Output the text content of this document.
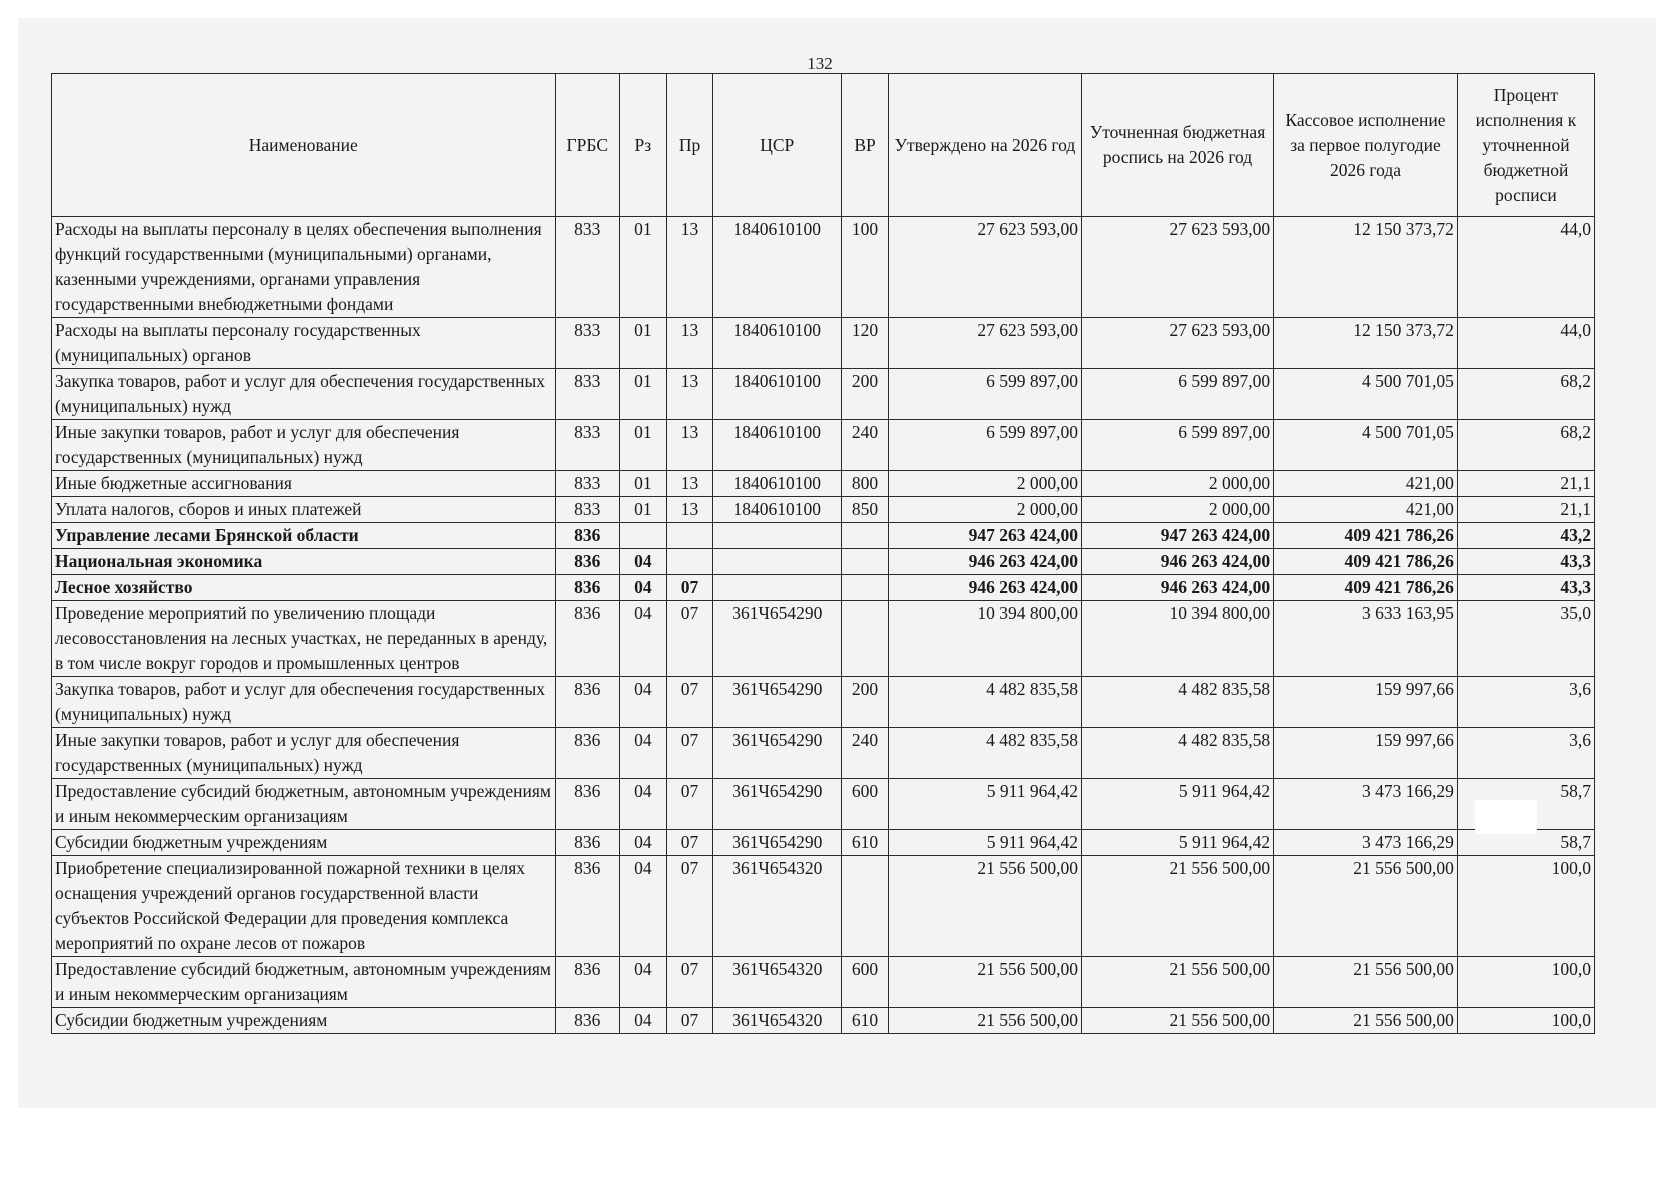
132
Наименование	ГРБС	Рз	Пр	ЦСР	ВР	Утверждено на 2026 год	Уточненная бюджетная роспись на 2026 год	Кассовое исполнение за первое полугодие 2026 года	Процент исполнения к уточненной бюджетной росписи
Расходы на выплаты персоналу в целях обеспечения выполнения функций государственными (муниципальными) органами, казенными учреждениями, органами управления государственными внебюджетными фондами	833	01	13	1840610100	100	27 623 593,00	27 623 593,00	12 150 373,72	44,0
Расходы на выплаты персоналу государственных (муниципальных) органов	833	01	13	1840610100	120	27 623 593,00	27 623 593,00	12 150 373,72	44,0
Закупка товаров, работ и услуг для обеспечения государственных (муниципальных) нужд	833	01	13	1840610100	200	6 599 897,00	6 599 897,00	4 500 701,05	68,2
Иные закупки товаров, работ и услуг для обеспечения государственных (муниципальных) нужд	833	01	13	1840610100	240	6 599 897,00	6 599 897,00	4 500 701,05	68,2
Иные бюджетные ассигнования	833	01	13	1840610100	800	2 000,00	2 000,00	421,00	21,1
Уплата налогов, сборов и иных платежей	833	01	13	1840610100	850	2 000,00	2 000,00	421,00	21,1
Управление лесами Брянской области	836					947 263 424,00	947 263 424,00	409 421 786,26	43,2
Национальная экономика	836	04				946 263 424,00	946 263 424,00	409 421 786,26	43,3
Лесное хозяйство	836	04	07			946 263 424,00	946 263 424,00	409 421 786,26	43,3
Проведение мероприятий по увеличению площади лесовосстановления на лесных участках, не переданных в аренду, в том числе вокруг городов и промышленных центров	836	04	07	361Ч654290		10 394 800,00	10 394 800,00	3 633 163,95	35,0
Закупка товаров, работ и услуг для обеспечения государственных (муниципальных) нужд	836	04	07	361Ч654290	200	4 482 835,58	4 482 835,58	159 997,66	3,6
Иные закупки товаров, работ и услуг для обеспечения государственных (муниципальных) нужд	836	04	07	361Ч654290	240	4 482 835,58	4 482 835,58	159 997,66	3,6
Предоставление субсидий бюджетным, автономным учреждениям и иным некоммерческим организациям	836	04	07	361Ч654290	600	5 911 964,42	5 911 964,42	3 473 166,29	58,7
Субсидии бюджетным учреждениям	836	04	07	361Ч654290	610	5 911 964,42	5 911 964,42	3 473 166,29	58,7
Приобретение специализированной пожарной техники в целях оснащения учреждений органов государственной власти субъектов Российской Федерации для проведения комплекса мероприятий по охране лесов от пожаров	836	04	07	361Ч654320		21 556 500,00	21 556 500,00	21 556 500,00	100,0
Предоставление субсидий бюджетным, автономным учреждениям и иным некоммерческим организациям	836	04	07	361Ч654320	600	21 556 500,00	21 556 500,00	21 556 500,00	100,0
Субсидии бюджетным учреждениям	836	04	07	361Ч654320	610	21 556 500,00	21 556 500,00	21 556 500,00	100,0
